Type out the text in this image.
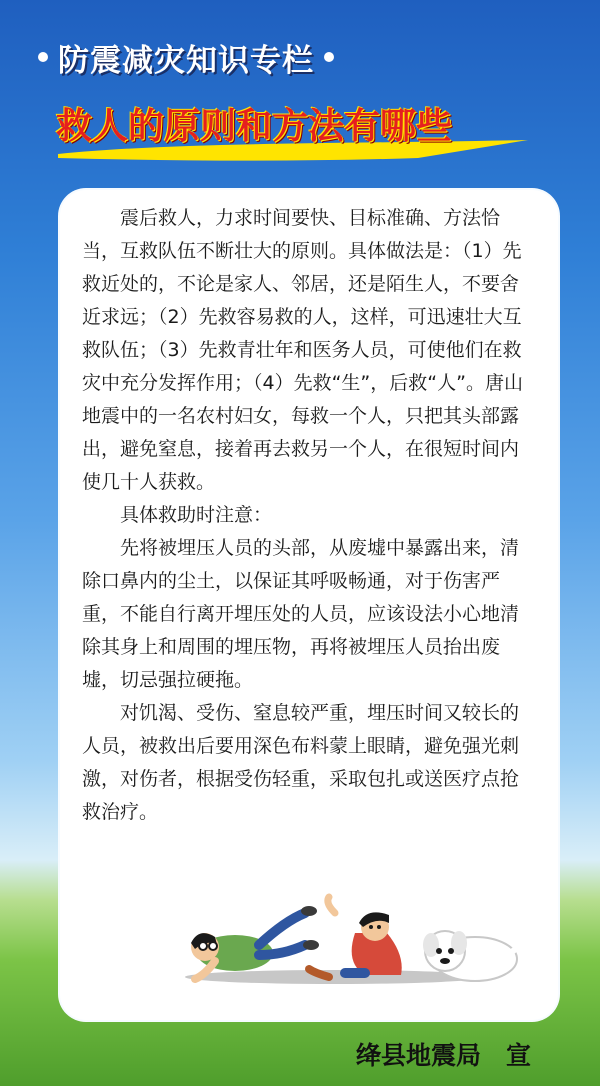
防震减灾知识专栏
救人的原则和方法有哪些

震后救人，力求时间要快、目标准确、方法恰当，互救队伍不断壮大的原则。具体做法是：（1）先救近处的，不论是家人、邻居，还是陌生人，不要舍近求远；（2）先救容易救的人，这样，可迅速壮大互救队伍；（3）先救青壮年和医务人员，可使他们在救灾中充分发挥作用；（4）先救“生”，后救“人”。唐山地震中的一名农村妇女，每救一个人，只把其头部露出，避免窒息，接着再去救另一个人，在很短时间内使几十人获救。

具体救助时注意：

先将被埋压人员的头部，从废墟中暴露出来，清除口鼻内的尘土，以保证其呼吸畅通，对于伤害严重，不能自行离开埋压处的人员，应该设法小心地清除其身上和周围的埋压物，再将被埋压人员抬出废墟，切忌强拉硬拖。

对饥渴、受伤、窒息较严重，埋压时间又较长的人员，被救出后要用深色布料蒙上眼睛，避免强光刺激，对伤者，根据受伤轻重，采取包扎或送医疗点抢救治疗。

绛县地震局　宣
